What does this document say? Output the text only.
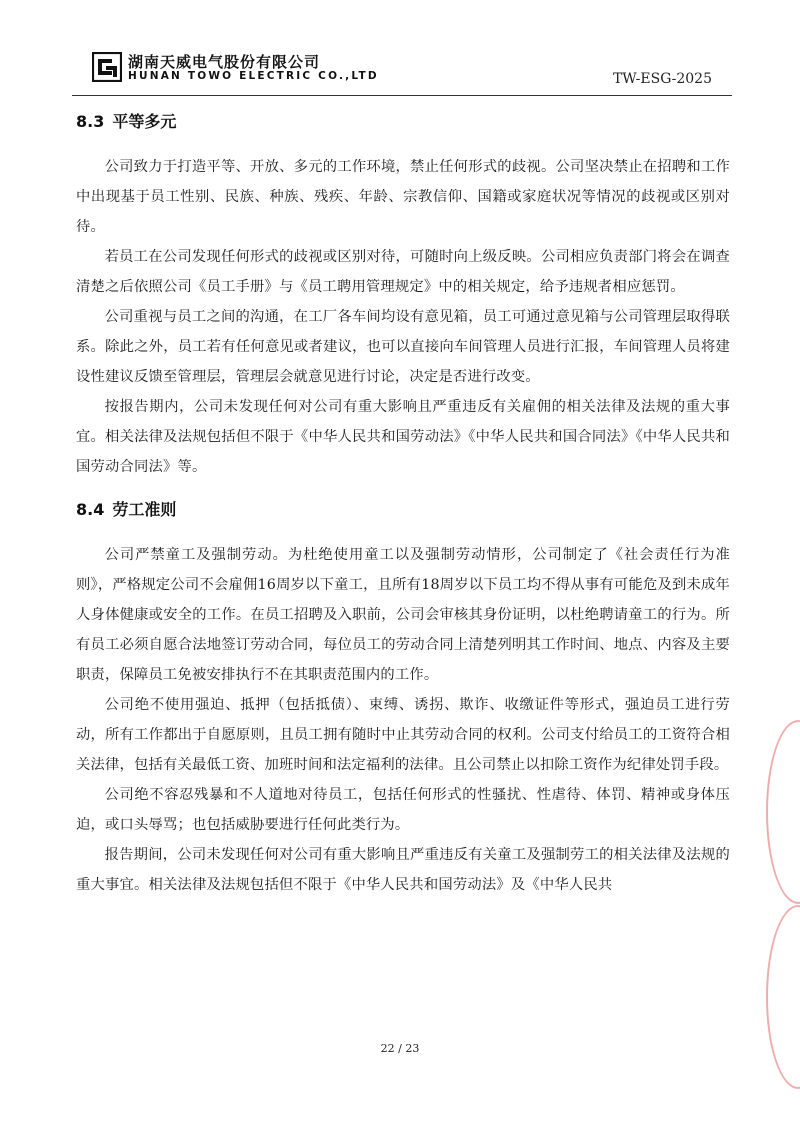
湖南天威电气股份有限公司
HUNAN TOWO ELECTRIC CO.,LTD	TW-ESG-2025
8.3 平等多元

公司致力于打造平等、开放、多元的工作环境，禁止任何形式的歧视。公司坚决禁止在招聘和工作中出现基于员工性别、民族、种族、残疾、年龄、宗教信仰、国籍或家庭状况等情况的歧视或区别对待。

若员工在公司发现任何形式的歧视或区别对待，可随时向上级反映。公司相应负责部门将会在调查清楚之后依照公司《员工手册》与《员工聘用管理规定》中的相关规定，给予违规者相应惩罚。

公司重视与员工之间的沟通，在工厂各车间均设有意见箱，员工可通过意见箱与公司管理层取得联系。除此之外，员工若有任何意见或者建议，也可以直接向车间管理人员进行汇报，车间管理人员将建设性建议反馈至管理层，管理层会就意见进行讨论，决定是否进行改变。

按报告期内，公司未发现任何对公司有重大影响且严重违反有关雇佣的相关法律及法规的重大事宜。相关法律及法规包括但不限于《中华人民共和国劳动法》《中华人民共和国合同法》《中华人民共和国劳动合同法》等。

8.4 劳工准则

公司严禁童工及强制劳动。为杜绝使用童工以及强制劳动情形，公司制定了《社会责任行为准则》，严格规定公司不会雇佣16周岁以下童工，且所有18周岁以下员工均不得从事有可能危及到未成年人身体健康或安全的工作。在员工招聘及入职前，公司会审核其身份证明，以杜绝聘请童工的行为。所有员工必须自愿合法地签订劳动合同，每位员工的劳动合同上清楚列明其工作时间、地点、内容及主要职责，保障员工免被安排执行不在其职责范围内的工作。

公司绝不使用强迫、抵押（包括抵债）、束缚、诱拐、欺诈、收缴证件等形式，强迫员工进行劳动，所有工作都出于自愿原则，且员工拥有随时中止其劳动合同的权利。公司支付给员工的工资符合相关法律，包括有关最低工资、加班时间和法定福利的法律。且公司禁止以扣除工资作为纪律处罚手段。

公司绝不容忍残暴和不人道地对待员工，包括任何形式的性骚扰、性虐待、体罚、精神或身体压迫，或口头辱骂；也包括威胁要进行任何此类行为。

报告期间，公司未发现任何对公司有重大影响且严重违反有关童工及强制劳工的相关法律及法规的重大事宜。相关法律及法规包括但不限于《中华人民共和国劳动法》及《中华人民共

22 / 23
